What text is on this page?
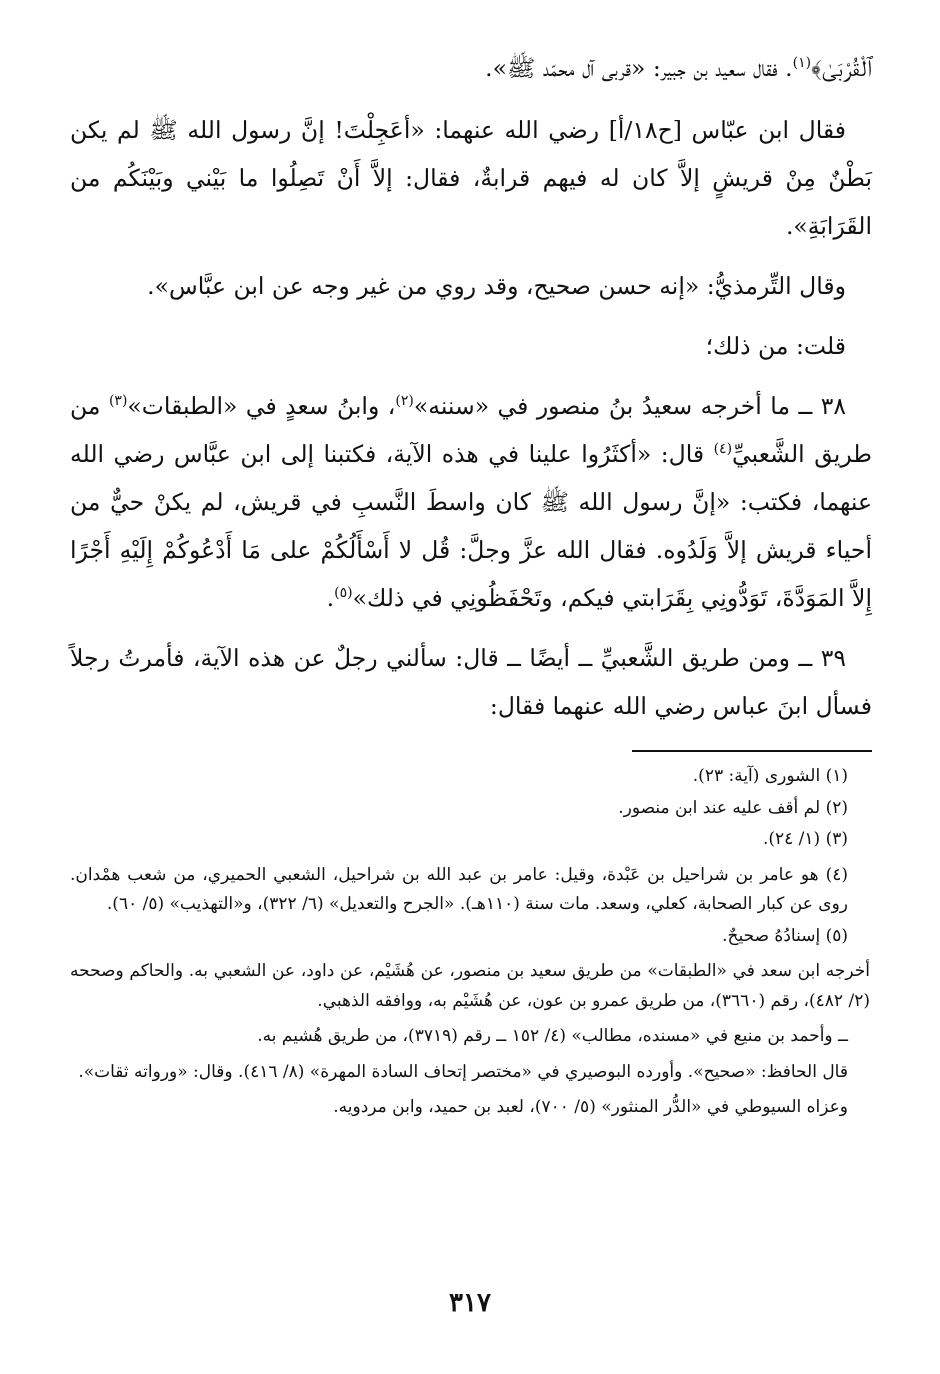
ﭐﻟْﻘُﺮْﺑَﻰٰ﴾$^{(١)}$. فقال سعيد بن جبير: «قربى آل محمّد ﷺ».

فقال ابن عبّاس [ح١٨/أ] رضي الله عنهما: «أعَجِلْتَ! إنَّ رسول الله ﷺ لم يكن بَطْنٌ مِنْ قريشٍ إلاَّ كان له فيهم قرابةٌ، فقال: إلاَّ أَنْ تَصِلُوا ما بَيْني وبَيْنَكُم من القَرَابَةِ».

وقال التِّرمذيُّ: «إنه حسن صحيح، وقد روي من غير وجه عن ابن عبَّاس».

قلت: من ذلك؛

٣٨ ــ ما أخرجه سعيدُ بنُ منصور في «سننه»$^{(٢)}$، وابنُ سعدٍ في «الطبقات»$^{(٣)}$ من طريق الشَّعبيِّ$^{(٤)}$ قال: «أكثَرُوا علينا في هذه الآية، فكتبنا إلى ابن عبَّاس رضي الله عنهما، فكتب: «إنَّ رسول الله ﷺ كان واسطَ النَّسبِ في قريش، لم يكنْ حيٌّ من أحياء قريش إلاَّ وَلَدُوه. فقال الله عزَّ وجلَّ: قُل لا أَسْأَلُكُمْ على مَا أَدْعُوكُمْ إِلَيْهِ أَجْرًا إِلاَّ المَوَدَّةَ، تَوَدُّونِي بِقَرَابتي فيكم، وتَحْفَظُونِي في ذلك»$^{(٥)}$.

٣٩ ــ ومن طريق الشَّعبيِّ ــ أيضًا ــ قال: سألني رجلٌ عن هذه الآية، فأمرتُ رجلاً فسأل ابنَ عباس رضي الله عنهما فقال:

(١) الشورى (آية: ٢٣).

(٢) لم أقف عليه عند ابن منصور.

(٣) (١/ ٢٤).

(٤) هو عامر بن شراحيل بن عَبْدة، وقيل: عامر بن عبد الله بن شراحيل، الشعبي الحميري، من شعب همْدان. روى عن كبار الصحابة، كعلي، وسعد. مات سنة (١١٠هـ). «الجرح والتعديل» (٦/ ٣٢٢)، و«التهذيب» (٥/ ٦٠).

(٥) إسنادُهُ صحيحٌ.

أخرجه ابن سعد في «الطبقات» من طريق سعيد بن منصور، عن هُشَيْم، عن داود، عن الشعبي به. والحاكم وصححه (٢/ ٤٨٢)، رقم (٣٦٦٠)، من طريق عمرو بن عون، عن هُشَيْم به، ووافقه الذهبي.

ــ وأحمد بن منيع في «مسنده، مطالب» (٤/ ١٥٢ ــ رقم (٣٧١٩)، من طريق هُشيم به.

قال الحافظ: «صحيح». وأورده البوصيري في «مختصر إتحاف السادة المهرة» (٨/ ٤١٦). وقال: «ورواته ثقات».

وعزاه السيوطي في «الدُّر المنثور» (٥/ ٧٠٠)، لعبد بن حميد، وابن مردويه.

٣١٧
